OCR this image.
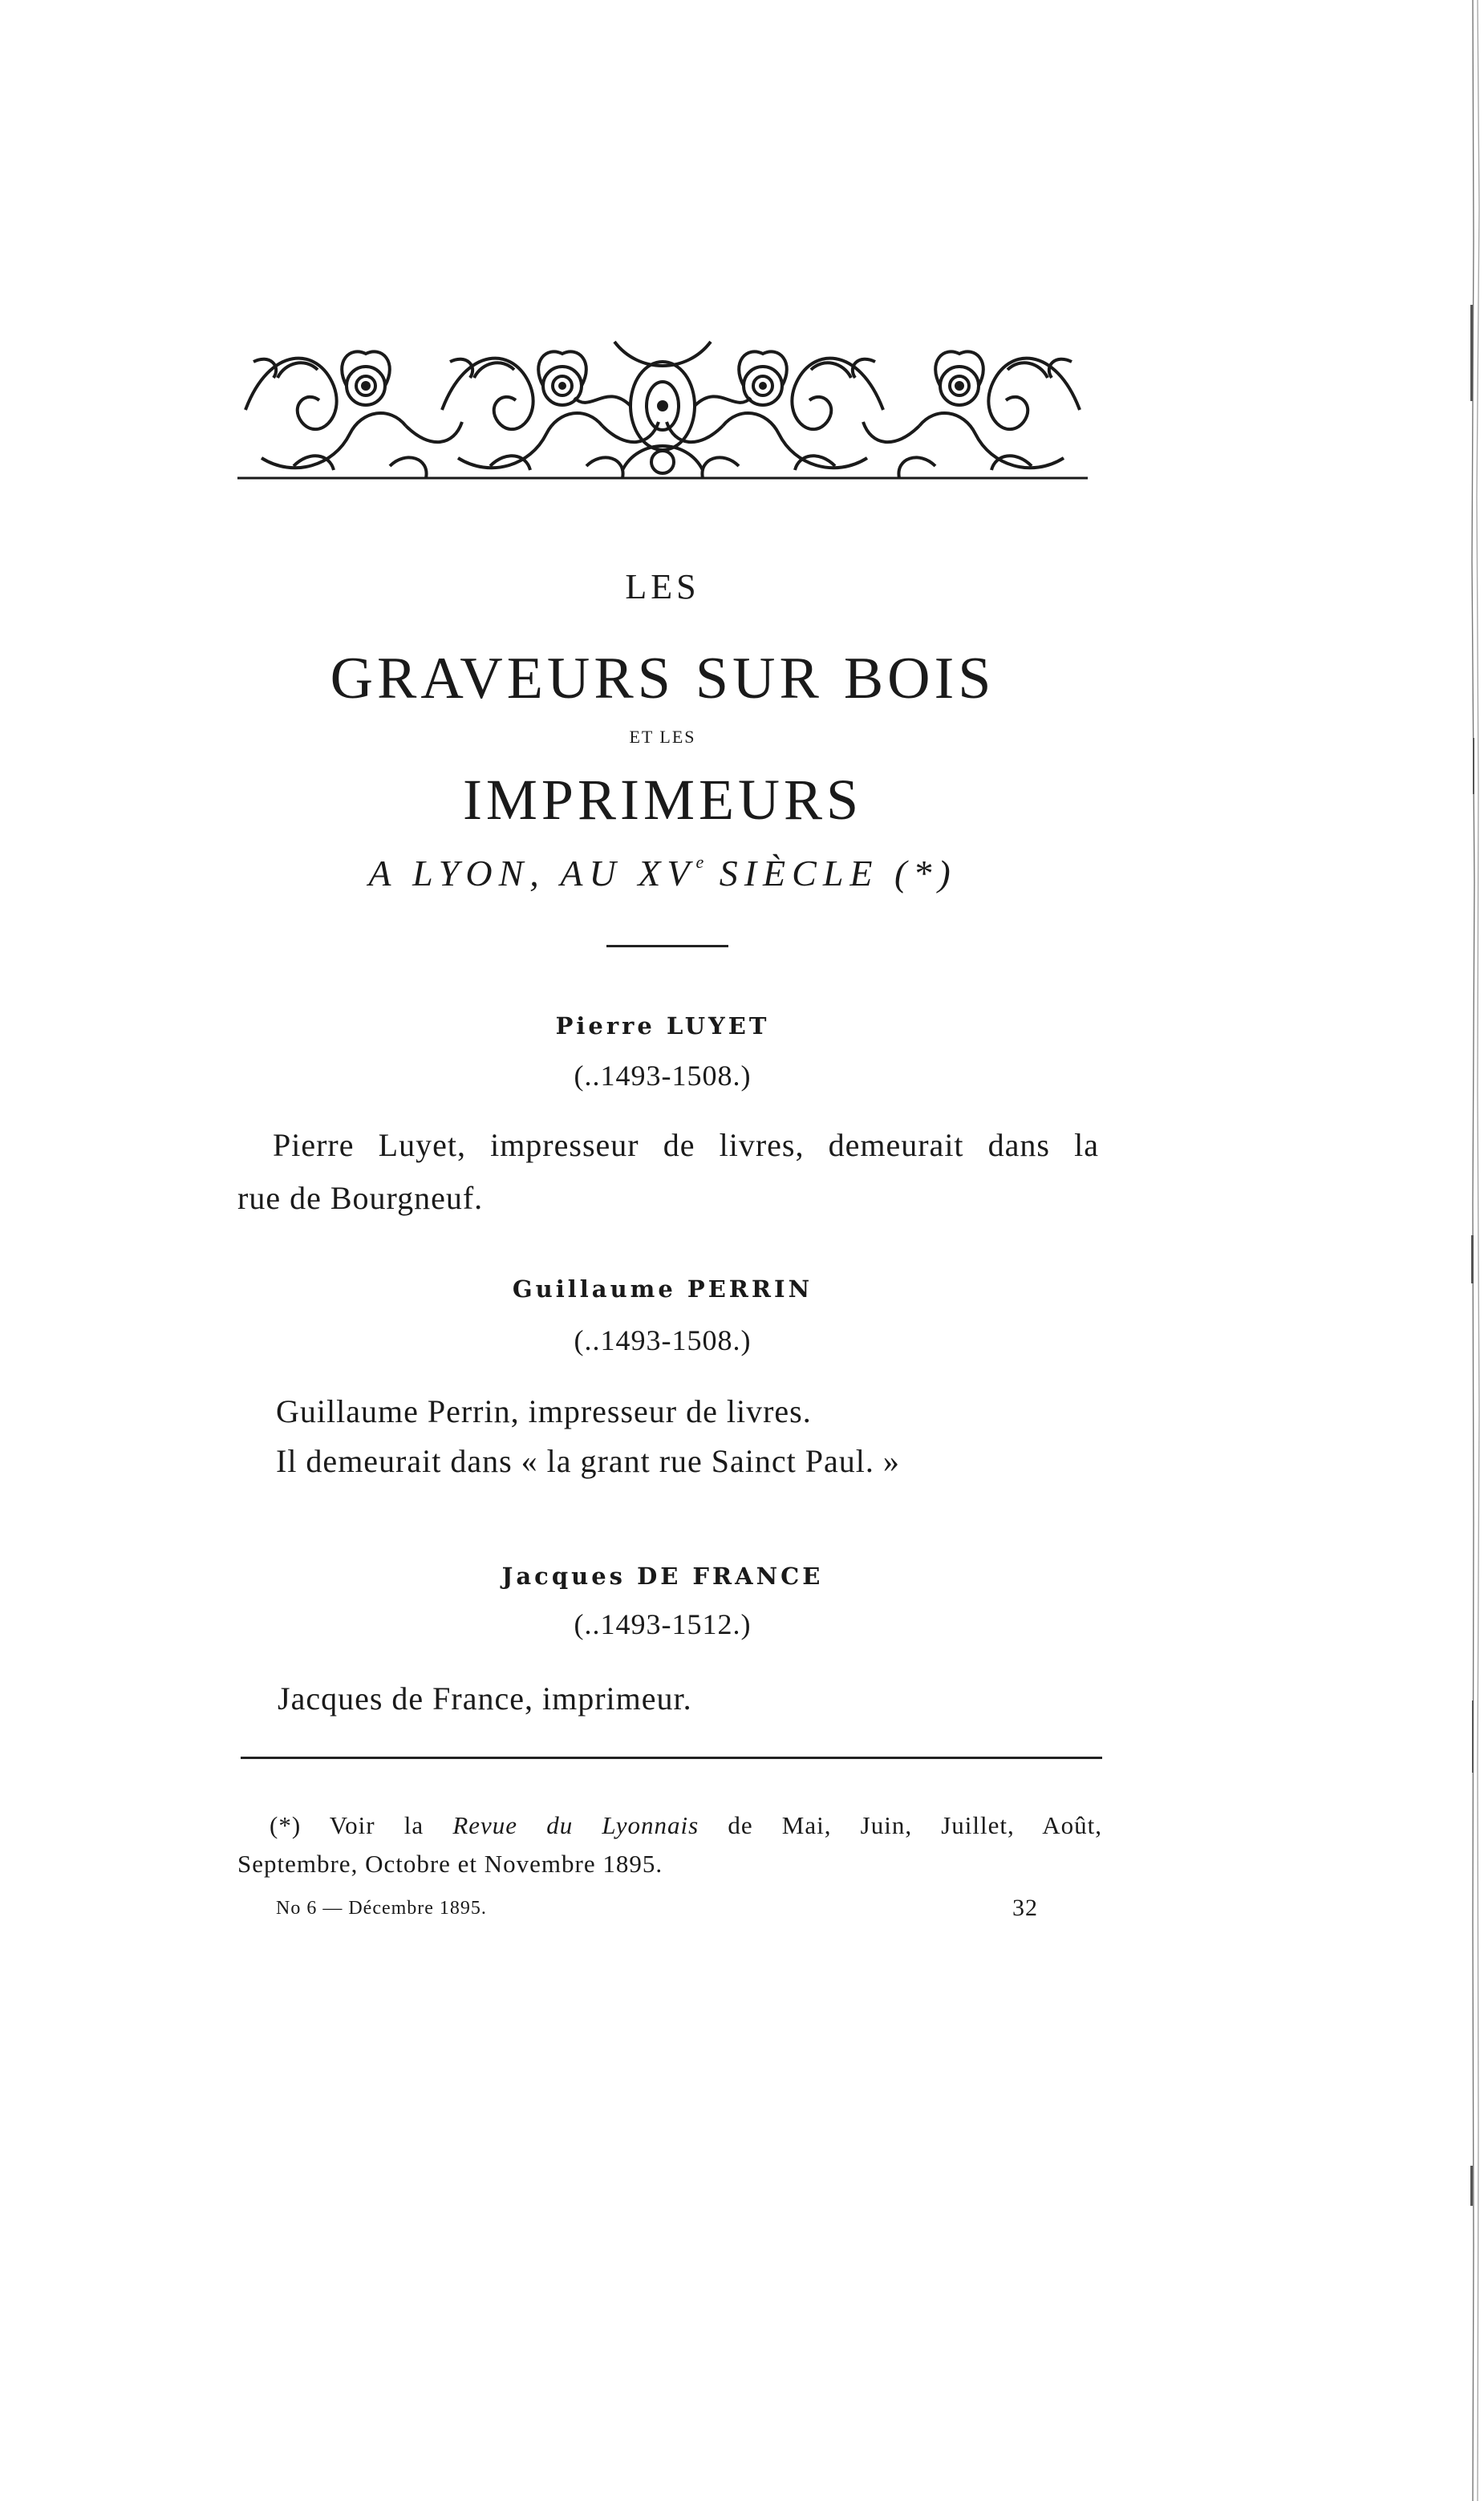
LES
GRAVEURS SUR BOIS
ET LES
IMPRIMEURS
A LYON, AU XVe SIÈCLE (*)
Pierre LUYET
(..1493-1508.)
Pierre Luyet, impresseur de livres, demeurait dans la
rue de Bourgneuf.
Guillaume PERRIN
(..1493-1508.)
Guillaume Perrin, impresseur de livres.
Il demeurait dans « la grant rue Sainct Paul. »
Jacques DE FRANCE
(..1493-1512.)
Jacques de France, imprimeur.
(*) Voir la Revue du Lyonnais de Mai, Juin, Juillet, Août,
Septembre, Octobre et Novembre 1895.
No 6 — Décembre 1895.	32
